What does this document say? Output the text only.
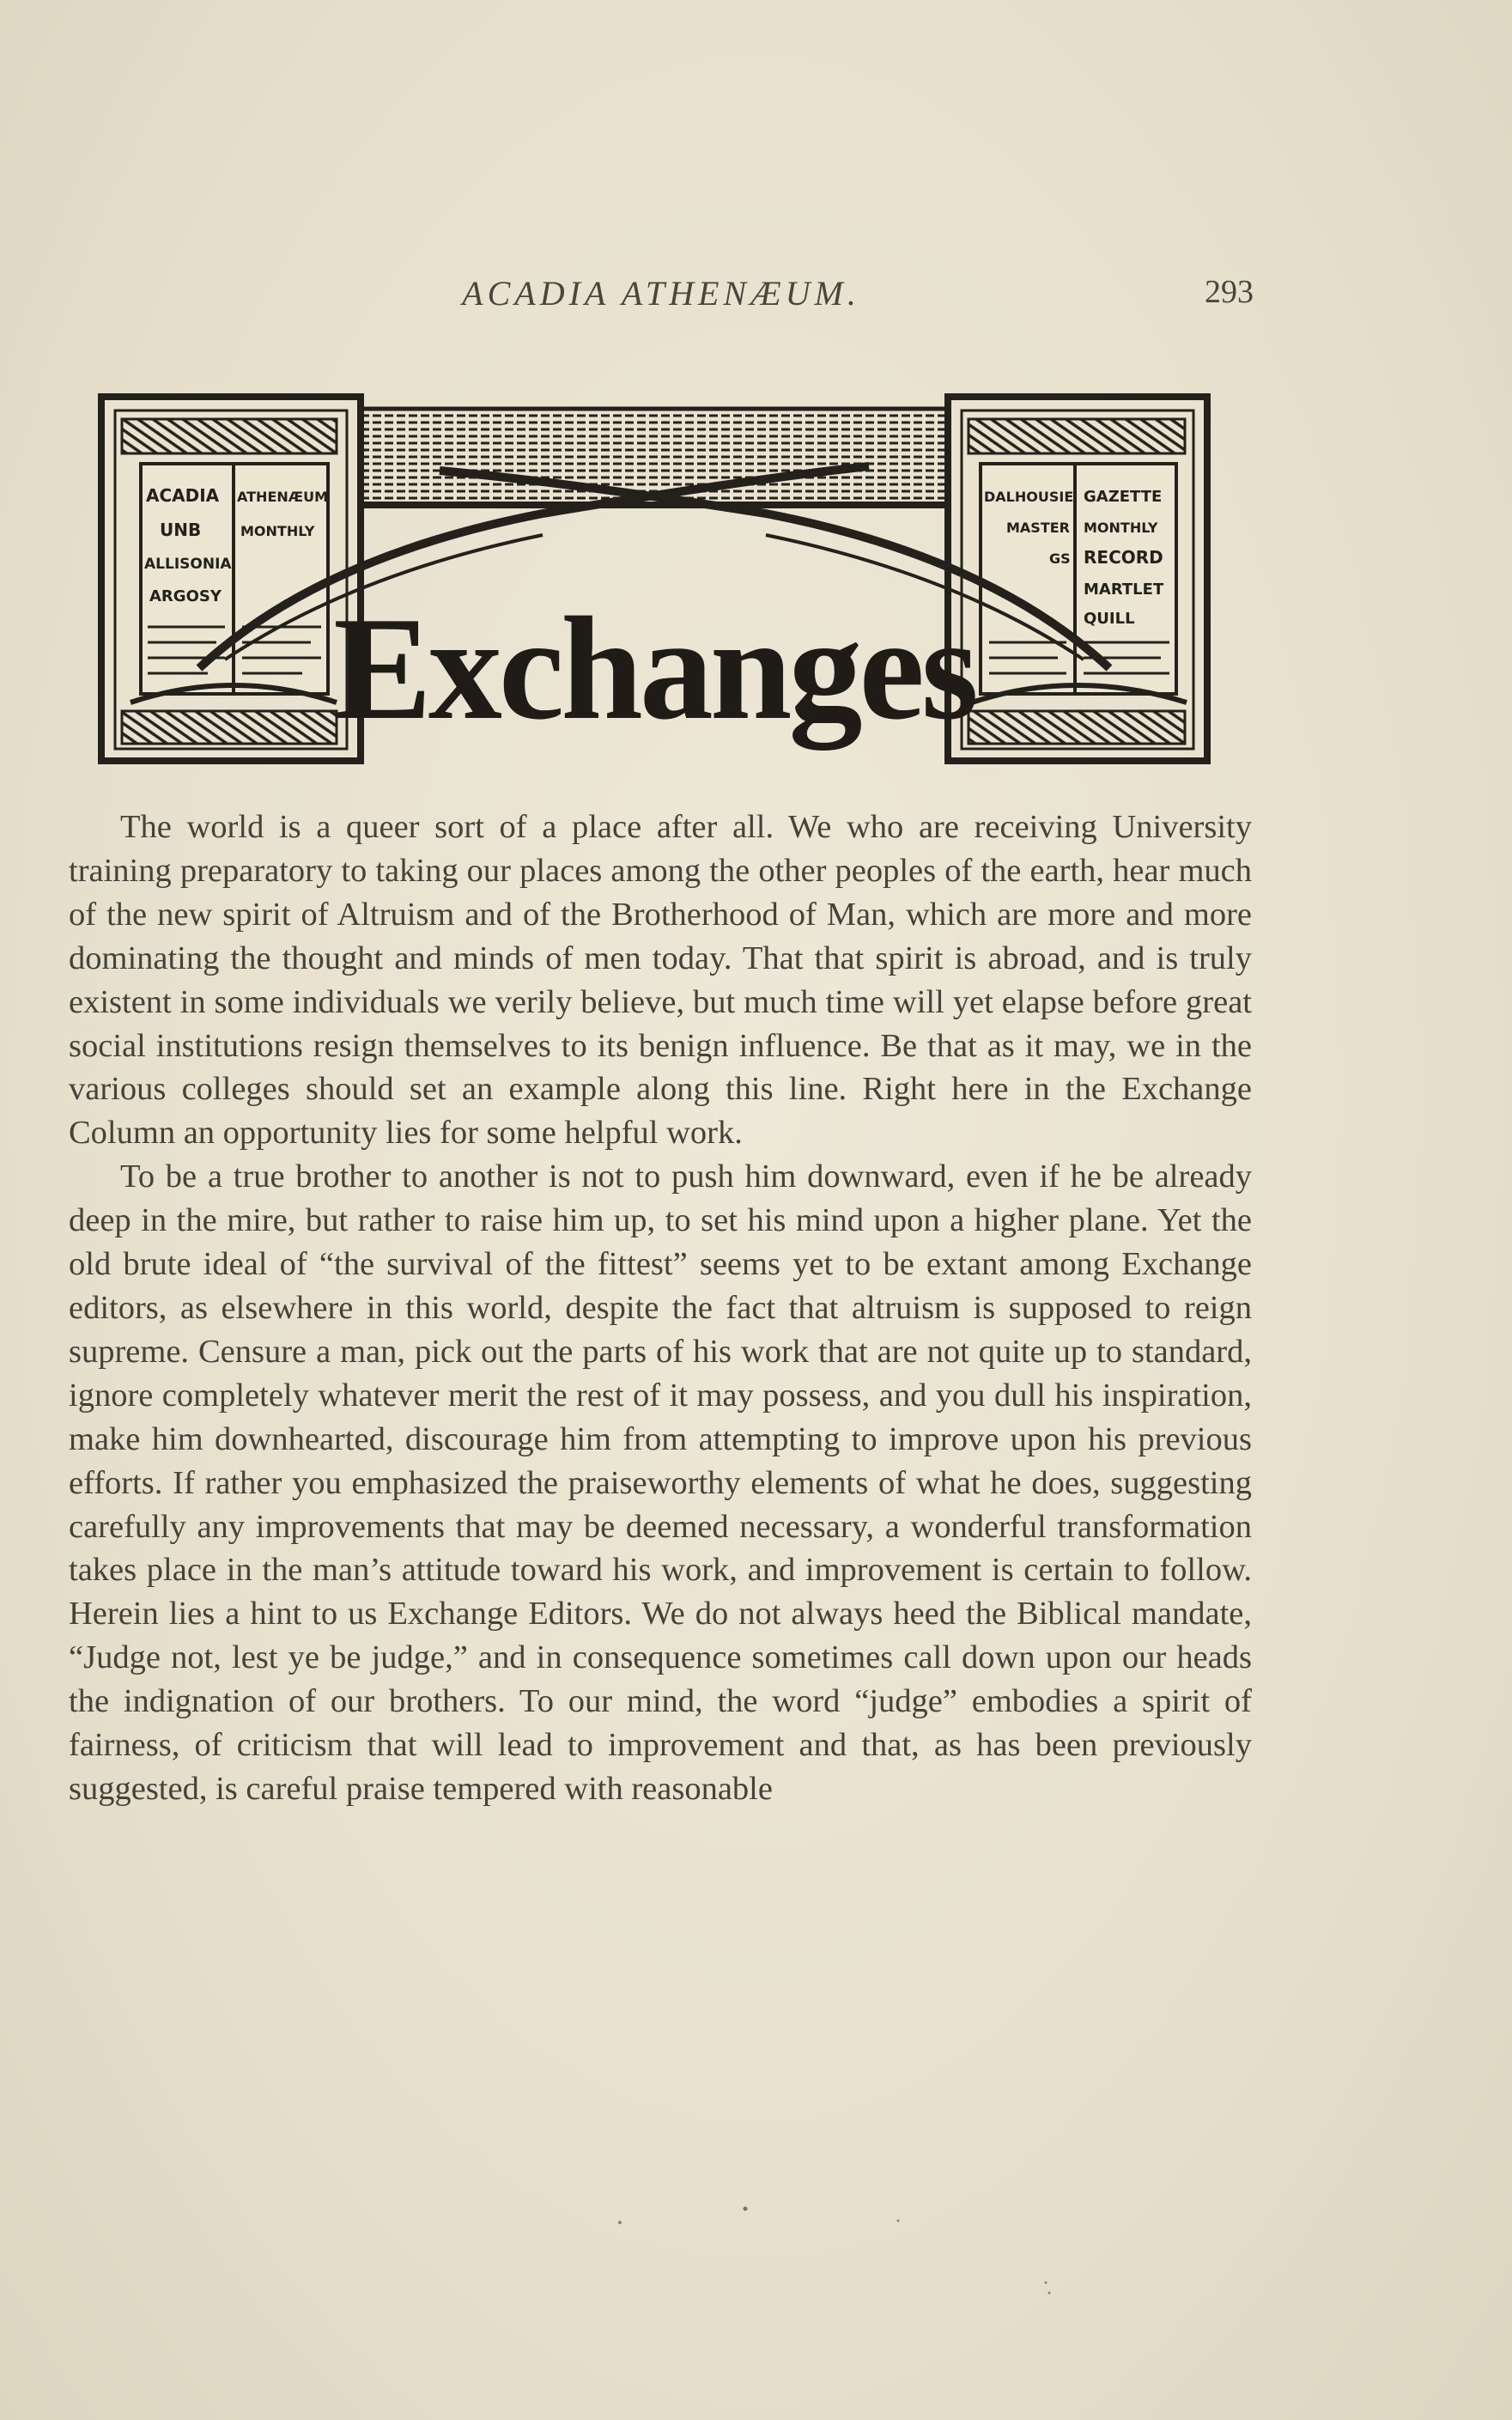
ACADIA ATHENÆUM.	293
ACADIA ATHENÆUM
UNB	MONTHLY
ALLISONIA
ARGOSY
DALHOUSIE GAZETTE
MASTER MONTHLY
GS RECORD
MARTLET
QUILL
Exchanges

The world is a queer sort of a place after all. We who are receiving University training preparatory to taking our places among the other peoples of the earth, hear much of the new spirit of Altruism and of the Brotherhood of Man, which are more and more dominating the thought and minds of men today. That that spirit is abroad, and is truly existent in some individuals we verily believe, but much time will yet elapse before great social institutions resign themselves to its benign influence. Be that as it may, we in the various colleges should set an example along this line. Right here in the Exchange Column an opportunity lies for some helpful work.

To be a true brother to another is not to push him downward, even if he be already deep in the mire, but rather to raise him up, to set his mind upon a higher plane. Yet the old brute ideal of “the survival of the fittest” seems yet to be extant among Exchange editors, as elsewhere in this world, despite the fact that altruism is supposed to reign supreme. Censure a man, pick out the parts of his work that are not quite up to standard, ignore completely whatever merit the rest of it may possess, and you dull his inspiration, make him downhearted, discourage him from attempting to improve upon his previous efforts. If rather you emphasized the praiseworthy elements of what he does, suggesting carefully any improvements that may be deemed necessary, a wonderful transformation takes place in the man’s attitude toward his work, and improvement is certain to follow. Herein lies a hint to us Exchange Editors. We do not always heed the Biblical mandate, “Judge not, lest ye be judge,” and in consequence sometimes call down upon our heads the indignation of our brothers. To our mind, the word “judge” embodies a spirit of fairness, of criticism that will lead to improvement and that, as has been previously suggested, is careful praise tempered with reasonable
